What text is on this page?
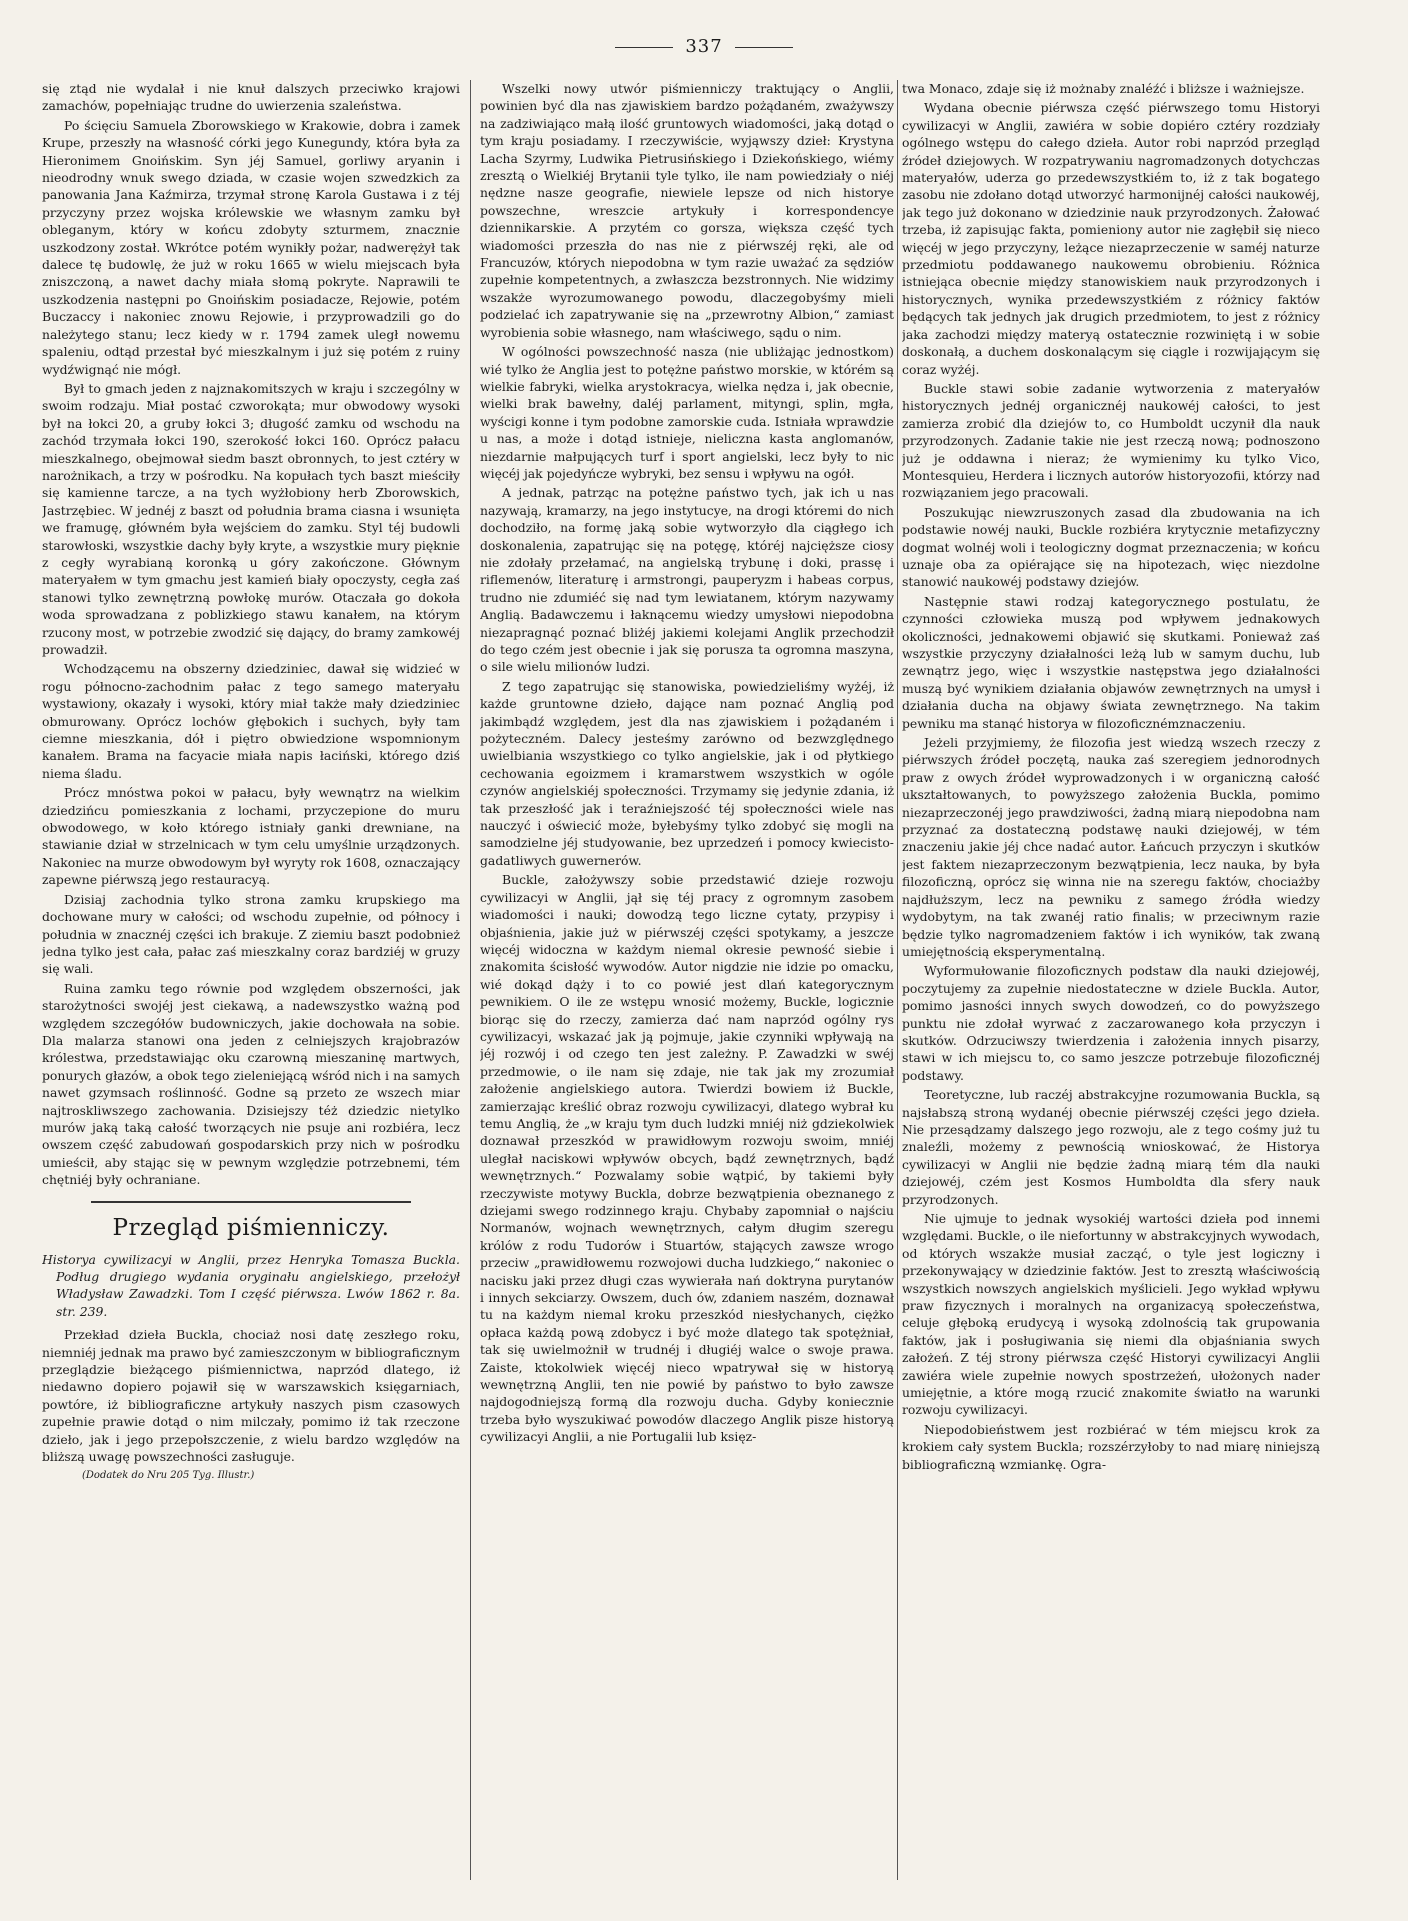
337

się ztąd nie wydalał i nie knuł dalszych przeciwko krajowi zamachów, popełniając trudne do uwierzenia szaleństwa.

Po ścięciu Samuela Zborowskiego w Krakowie, dobra i zamek Krupe, przeszły na własność córki jego Kunegundy, która była za Hieronimem Gnoińskim. Syn jéj Samuel, gorliwy aryanin i nieodrodny wnuk swego dziada, w czasie wojen szwedzkich za panowania Jana Kaźmirza, trzymał stronę Karola Gustawa i z téj przyczyny przez wojska królewskie we własnym zamku był obleganym, który w końcu zdobyty szturmem, znacznie uszkodzony został. Wkrótce potém wynikły pożar, nadwerężył tak dalece tę budowlę, że już w roku 1665 w wielu miejscach była zniszczoną, a nawet dachy miała słomą pokryte. Naprawili te uszkodzenia następni po Gnoińskim posiadacze, Rejowie, potém Buczaccy i nakoniec znowu Rejowie, i przyprowadzili go do należytego stanu; lecz kiedy w r. 1794 zamek uległ nowemu spaleniu, odtąd przestał być mieszkalnym i już się potém z ruiny wydźwignąć nie mógł.

Był to gmach jeden z najznakomitszych w kraju i szczególny w swoim rodzaju. Miał postać czworokąta; mur obwodowy wysoki był na łokci 20, a gruby łokci 3; długość zamku od wschodu na zachód trzymała łokci 190, szerokość łokci 160. Oprócz pałacu mieszkalnego, obejmował siedm baszt obronnych, to jest cztéry w narożnikach, a trzy w pośrodku. Na kopułach tych baszt mieściły się kamienne tarcze, a na tych wyżłobiony herb Zborowskich, Jastrzębiec. W jednéj z baszt od południa brama ciasna i wsunięta we framugę, główném była wejściem do zamku. Styl téj budowli starowłoski, wszystkie dachy były kryte, a wszystkie mury pięknie z cegły wyrabianą koronką u góry zakończone. Głównym materyałem w tym gmachu jest kamień biały opoczysty, cegła zaś stanowi tylko zewnętrzną powłokę murów. Otaczała go dokoła woda sprowadzana z poblizkiego stawu kanałem, na którym rzucony most, w potrzebie zwodzić się dający, do bramy zamkowéj prowadził.

Wchodzącemu na obszerny dziedziniec, dawał się widzieć w rogu północno-zachodnim pałac z tego samego materyału wystawiony, okazały i wysoki, który miał także mały dziedziniec obmurowany. Oprócz lochów głębokich i suchych, były tam ciemne mieszkania, dół i piętro obwiedzione wspomnionym kanałem. Brama na facyacie miała napis łaciński, którego dziś niema śladu.

Prócz mnóstwa pokoi w pałacu, były wewnątrz na wielkim dziedzińcu pomieszkania z lochami, przyczepione do muru obwodowego, w koło którego istniały ganki drewniane, na stawianie dział w strzelnicach w tym celu umyślnie urządzonych. Nakoniec na murze obwodowym był wyryty rok 1608, oznaczający zapewne piérwszą jego restauracyą.

Dzisiaj zachodnia tylko strona zamku krupskiego ma dochowane mury w całości; od wschodu zupełnie, od północy i południa w znacznéj części ich brakuje. Z ziemiu baszt podobnież jedna tylko jest cała, pałac zaś mieszkalny coraz bardziéj w gruzy się wali.

Ruina zamku tego równie pod względem obszerności, jak starożytności swojéj jest ciekawą, a nadewszystko ważną pod względem szczegółów budowniczych, jakie dochowała na sobie. Dla malarza stanowi ona jeden z celniejszych krajobrazów królestwa, przedstawiając oku czarowną mieszaninę martwych, ponurych głazów, a obok tego zieleniejącą wśród nich i na samych nawet gzymsach roślinność. Godne są przeto ze wszech miar najtroskliwszego zachowania. Dzisiejszy téż dziedzic nietylko murów jaką taką całość tworzących nie psuje ani rozbiéra, lecz owszem część zabudowań gospodarskich przy nich w pośrodku umieścił, aby stając się w pewnym względzie potrzebnemi, tém chętniéj były ochraniane.

Przegląd piśmienniczy.

Historya cywilizacyi w Anglii, przez Henryka Tomasza Buckla. Podług drugiego wydania oryginału angielskiego, przełożył Władysław Zawadzki. Tom I część piérwsza. Lwów 1862 r. 8a. str. 239.

Przekład dzieła Buckla, chociaż nosi datę zeszłego roku, niemniéj jednak ma prawo być zamieszczonym w bibliograficznym przeglądzie bieżącego piśmiennictwa, naprzód dlatego, iż niedawno dopiero pojawił się w warszawskich księgarniach, powtóre, iż bibliograficzne artykuły naszych pism czasowych zupełnie prawie dotąd o nim milczały, pomimo iż tak rzeczone dzieło, jak i jego przepołszczenie, z wielu bardzo względów na bliższą uwagę powszechności zasługuje.

(Dodatek do Nru 205 Tyg. Illustr.)

Wszelki nowy utwór piśmienniczy traktujący o Anglii, powinien być dla nas zjawiskiem bardzo pożądaném, zważywszy na zadziwiająco małą ilość gruntowych wiadomości, jaką dotąd o tym kraju posiadamy. I rzeczywiście, wyjąwszy dzieł: Krystyna Lacha Szyrmy, Ludwika Pietrusińskiego i Dziekońskiego, wiémy zresztą o Wielkiéj Brytanii tyle tylko, ile nam powiedziały o niéj nędzne nasze geografie, niewiele lepsze od nich historye powszechne, wreszcie artykuły i korrespondencye dziennikarskie. A przytém co gorsza, większa część tych wiadomości przeszła do nas nie z piérwszéj ręki, ale od Francuzów, których niepodobna w tym razie uważać za sędziów zupełnie kompetentnych, a zwłaszcza bezstronnych. Nie widzimy wszakże wyrozumowanego powodu, dlaczegobyśmy mieli podzielać ich zapatrywanie się na „przewrotny Albion,“ zamiast wyrobienia sobie własnego, nam właściwego, sądu o nim.

W ogólności powszechność nasza (nie ubliżając jednostkom) wié tylko że Anglia jest to potężne państwo morskie, w którém są wielkie fabryki, wielka arystokracya, wielka nędza i, jak obecnie, wielki brak bawełny, daléj parlament, mityngi, splin, mgła, wyścigi konne i tym podobne zamorskie cuda. Istniała wprawdzie u nas, a może i dotąd istnieje, nieliczna kasta anglomanów, niezdarnie małpujących turf i sport angielski, lecz były to nic więcéj jak pojedyńcze wybryki, bez sensu i wpływu na ogół.

A jednak, patrząc na potężne państwo tych, jak ich u nas nazywają, kramarzy, na jego instytucye, na drogi któremi do nich dochodziło, na formę jaką sobie wytworzyło dla ciągłego ich doskonalenia, zapatrując się na potęgę, któréj najcięższe ciosy nie zdołały przełamać, na angielską trybunę i dokі, prassę i riflemenów, literaturę i armstrongi, pauperyzm i habeas corpus, trudno nie zdumiéć się nad tym lewiatanem, którym nazywamy Anglią. Badawczemu i łaknącemu wiedzy umysłowi niepodobna niezapragnąć poznać bliżéj jakiemi kolejami Anglik przechodził do tego czém jest obecnie i jak się porusza ta ogromna maszyna, o sile wielu milionów ludzi.

Z tego zapatrując się stanowiska, powiedzieliśmy wyżéj, iż każde gruntowne dzieło, dające nam poznać Anglią pod jakimbądź względem, jest dla nas zjawiskiem i pożądaném i pożyteczném. Dalecy jesteśmy zarówno od bezwzględnego uwielbiania wszystkiego co tylko angielskie, jak i od płytkiego cechowania egoizmem i kramarstwem wszystkich w ogóle czynów angielskiéj społeczności. Trzymamy się jedynie zdania, iż tak przeszłość jak i teraźniejszość téj społeczności wiele nas nauczyć i oświecić może, byłebyśmy tylko zdobyć się mogli na samodzielne jéj studyowanie, bez uprzedzeń i pomocy kwiecisto-gadatliwych guwernerów.

Buckle, założywszy sobie przedstawić dzieje rozwoju cywilizacyi w Anglii, jął się téj pracy z ogromnym zasobem wiadomości i nauki; dowodzą tego liczne cytaty, przypisy i objaśnienia, jakie już w piérwszéj części spotykamy, a jeszcze więcéj widoczna w każdym niemal okresie pewność siebie i znakomita ścisłość wywodów. Autor nigdzie nie idzie po omacku, wié dokąd dąży i to co powié jest dlań kategorycznym pewnikiem. O ile ze wstępu wnosić możemy, Buckle, logicznie biorąc się do rzeczy, zamierza dać nam naprzód ogólny rys cywilizacyi, wskazać jak ją pojmuje, jakie czynniki wpływają na jéj rozwój i od czego ten jest zależny. P. Zawadzki w swéj przedmowie, o ile nam się zdaje, nie tak jak my zrozumiał założenie angielskiego autora. Twierdzi bowiem iż Buckle, zamierzając kreślić obraz rozwoju cywilizacyi, dlatego wybrał ku temu Anglią, że „w kraju tym duch ludzki mniéj niż gdziekolwiek doznawał przeszkód w prawidłowym rozwoju swoim, mniéj uległał naciskowi wpływów obcych, bądź zewnętrznych, bądź wewnętrznych.“ Pozwalamy sobie wątpić, by takiemi były rzeczywiste motywy Buckla, dobrze bezwątpienia obeznanego z dziejami swego rodzinnego kraju. Chybaby zapomniał o najściu Normanów, wojnach wewnętrznych, całym długim szeregu królów z rodu Tudorów i Stuartów, stających zawsze wrogo przeciw „prawidłowemu rozwojowi ducha ludzkiego,“ nakoniec o nacisku jaki przez długi czas wywierała nań doktryna purytanów i innych sekciarzy. Owszem, duch ów, zdaniem naszém, doznawał tu na każdym niemal kroku przeszkód niesłychanych, ciężko opłaca każdą pową zdobycz i być może dlatego tak spotężniał, tak się uwielmożnił w trudnéj i długiéj walce o swoje prawa. Zaiste, ktokolwiek więcéj niecо wpatrywał się w historyą wewnętrzną Anglii, ten nie powié by państwo to było zawsze najdogodniejszą formą dla rozwoju ducha. Gdyby koniecznie trzeba było wyszukiwać powodów dlaczego Anglik pisze historyą cywilizacyi Anglii, a nie Portugalii lub księz-

twa Monaco, zdaje się iż możnaby znaléźć i bliższe i ważniejsze.

Wydana obecnie piérwsza część piérwszego tomu Historyi cywilizacyi w Anglii, zawiéra w sobie dopiéro cztéry rozdziały ogólnego wstępu do całego dzieła. Autor robi naprzód przegląd źródeł dziejowych. W rozpatrywaniu nagromadzonych dotychczas materyałów, uderza go przedewszystkiém to, iż z tak bogatego zasobu nie zdołano dotąd utworzyć harmonijnéj całości naukowéj, jak tego już dokonano w dziedzinie nauk przyrodzonych. Żałować trzeba, iż zapisując fakta, pomieniony autor nie zagłębił się nieco więcéj w jego przyczyny, leżące niezaprzeczenie w saméj naturze przedmiotu poddawanego naukowemu obrobieniu. Różnica istniejąca obecnie między stanowiskiem nauk przyrodzonych i historycznych, wynika przedewszystkiém z różnicy faktów będących tak jednych jak drugich przedmiotem, to jest z różnicy jaka zachodzi między materyą ostatecznie rozwiniętą i w sobie doskonałą, a duchem doskonalącym się ciągle i rozwijającym się coraz wyżéj.

Buckle stawi sobie zadanie wytworzenia z materyałów historycznych jednéj organicznéj naukowéj całości, to jest zamierza zrobić dla dziejów to, co Humboldt uczynił dla nauk przyrodzonych. Zadanie takie nie jest rzeczą nową; podnoszono już je oddawna i nieraz; że wymienimy ku tylko Vico, Montesquieu, Herdera i licznych autorów historyozofii, którzy nad rozwiązaniem jego pracowali.

Poszukując niewzruszonych zasad dla zbudowania na ich podstawie nowéj nauki, Buckle rozbiéra krytycznie metafizyczny dogmat wolnéj woli i teologiczny dogmat przeznaczenia; w końcu uznaje oba za opiérające się na hipotezach, więc niezdolne stanowić naukowéj podstawy dziejów.

Następnie stawi rodzaj kategorycznego postulatu, że czynności człowieka muszą pod wpływem jednakowych okoliczności, jednakowemi objawić się skutkami. Ponieważ zaś wszystkie przyczyny działalności leżą lub w samym duchu, lub zewnątrz jego, więc i wszystkie następstwa jego działalności muszą być wynikiem działania objawów zewnętrznych na umysł i działania ducha na objawy świata zewnętrznego. Na takim pewniku ma stanąć historya w filozoficznémznaczeniu.

Jeżeli przyjmiemy, że filozofia jest wiedzą wszech rzeczy z piérwszych źródeł poczętą, nauka zaś szeregiem jednorodnych praw z owych źródeł wyprowadzonych i w organiczną całość ukształtowanych, to powyższego założenia Buckla, pomimo niezaprzeczonéj jego prawdziwości, żadną miarą niepodobna nam przyznać za dostateczną podstawę nauki dziejowéj, w tém znaczeniu jakie jéj chce nadać autor. Łańcuch przyczyn i skutków jest faktem niezaprzeczonym bezwątpienia, lecz nauka, by była filozoficzną, oprócz się winna nie na szeregu faktów, chociażby najdłuższym, lecz na pewniku z samego źródła wiedzy wydobytym, na tak zwanéj ratio finalis; w przeciwnym razie będzie tylko nagromadzeniem faktów i ich wyników, tak zwaną umiejętnością eksperymentalną.

Wyformułowanie filozoficznych podstaw dla nauki dziejowéj, poczytujemy za zupełnie niedostateczne w dziele Buckla. Autor, pomimo jasności innych swych dowodzeń, co do powyższego punktu nie zdołał wyrwać z zaczarowanego koła przyczyn i skutków. Odrzuciwszy twierdzenia i założenia innych pisarzy, stawi w ich miejscu to, co samo jeszcze potrzebuje filozoficznéj podstawy.

Teoretyczne, lub raczéj abstrakcyjne rozumowania Buckla, są najsłabszą stroną wydanéj obecnie piérwszéj części jego dzieła. Nie przesądzamy dalszego jego rozwoju, ale z tego cośmy już tu znaleźli, możemy z pewnością wnioskować, że Historya cywilizacyi w Anglii nie będzie żadną miarą tém dla nauki dziejowéj, czém jest Kosmos Humboldta dla sfery nauk przyrodzonych.

Nie ujmuje to jednak wysokiéj wartości dzieła pod innemi względami. Buckle, o ile niefortunny w abstrakcyjnych wywodach, od których wszakże musiał zacząć, o tyle jest logiczny i przekonywający w dziedzinie faktów. Jest to zresztą właściwością wszystkich nowszych angielskich myślicieli. Jego wykład wpływu praw fizycznych i moralnych na organizacyą społeczeństwa, celuje głęboką erudycyą i wysoką zdolnością tak grupowania faktów, jak i posługiwania się niemi dla objaśniania swych założeń. Z téj strony piérwsza część Historyi cywilizacyi Anglii zawiéra wiele zupełnie nowych spostrzeżeń, ułożonych nader umiejętnie, a które mogą rzucić znakomite światło na warunki rozwoju cywilizacyi.

Niepodobieństwem jest rozbiérać w tém miejscu krok za krokiem cały system Buckla; rozszérzyłoby to nad miarę niniejszą bibliograficzną wzmiankę. Ogra-
